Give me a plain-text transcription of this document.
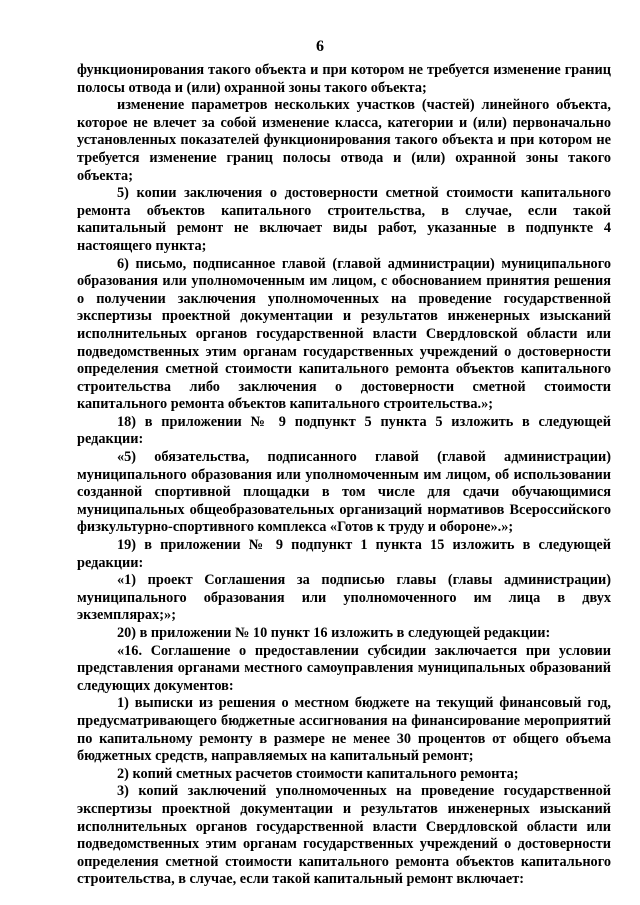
6

функционирования такого объекта и при котором не требуется изменение границ полосы отвода и (или) охранной зоны такого объекта;

изменение параметров нескольких участков (частей) линейного объекта, которое не влечет за собой изменение класса, категории и (или) первоначально установленных показателей функционирования такого объекта и при котором не требуется изменение границ полосы отвода и (или) охранной зоны такого объекта;

5) копии заключения о достоверности сметной стоимости капитального ремонта объектов капитального строительства, в случае, если такой капитальный ремонт не включает виды работ, указанные в подпункте 4 настоящего пункта;

6) письмо, подписанное главой (главой администрации) муниципального образования или уполномоченным им лицом, с обоснованием принятия решения о получении заключения уполномоченных на проведение государственной экспертизы проектной документации и результатов инженерных изысканий исполнительных органов государственной власти Свердловской области или подведомственных этим органам государственных учреждений о достоверности определения сметной стоимости капитального ремонта объектов капитального строительства либо заключения о достоверности сметной стоимости капитального ремонта объектов капитального строительства.»;

18) в приложении № 9 подпункт 5 пункта 5 изложить в следующей редакции:

«5) обязательства, подписанного главой (главой администрации) муниципального образования или уполномоченным им лицом, об использовании созданной спортивной площадки в том числе для сдачи обучающимися муниципальных общеобразовательных организаций нормативов Всероссийского физкультурно-спортивного комплекса «Готов к труду и обороне».»;

19) в приложении № 9 подпункт 1 пункта 15 изложить в следующей редакции:

«1) проект Соглашения за подписью главы (главы администрации) муниципального образования или уполномоченного им лица в двух экземплярах;»;

20) в приложении № 10 пункт 16 изложить в следующей редакции:

«16. Соглашение о предоставлении субсидии заключается при условии представления органами местного самоуправления муниципальных образований следующих документов:

1) выписки из решения о местном бюджете на текущий финансовый год, предусматривающего бюджетные ассигнования на финансирование мероприятий по капитальному ремонту в размере не менее 30 процентов от общего объема бюджетных средств, направляемых на капитальный ремонт;

2) копий сметных расчетов стоимости капитального ремонта;

3) копий заключений уполномоченных на проведение государственной экспертизы проектной документации и результатов инженерных изысканий исполнительных органов государственной власти Свердловской области или подведомственных этим органам государственных учреждений о достоверности определения сметной стоимости капитального ремонта объектов капитального строительства, в случае, если такой капитальный ремонт включает:
